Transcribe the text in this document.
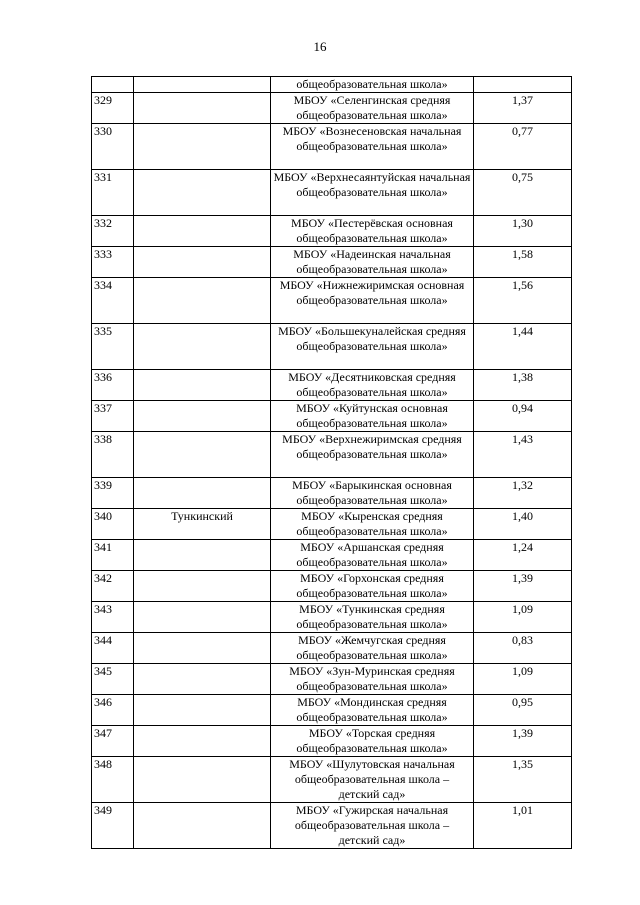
16
		общеобразовательная школа»	
329		МБОУ «Селенгинская средняя общеобразовательная школа»	1,37
330		МБОУ «Вознесеновская начальная общеобразовательная школа»	0,77
331		МБОУ «Верхнесаянтуйская начальная общеобразовательная школа»	0,75
332		МБОУ «Пестерёвская основная общеобразовательная школа»	1,30
333		МБОУ «Надеинская начальная общеобразовательная школа»	1,58
334		МБОУ «Нижнежиримская основная общеобразовательная школа»	1,56
335		МБОУ «Большекуналейская средняя общеобразовательная школа»	1,44
336		МБОУ «Десятниковская средняя общеобразовательная школа»	1,38
337		МБОУ «Куйтунская основная общеобразовательная школа»	0,94
338		МБОУ «Верхнежиримская средняя общеобразовательная школа»	1,43
339		МБОУ «Барыкинская основная общеобразовательная школа»	1,32
340	Тункинский	МБОУ «Кыренская средняя общеобразовательная школа»	1,40
341		МБОУ «Аршанская средняя общеобразовательная школа»	1,24
342		МБОУ «Горхонская средняя общеобразовательная школа»	1,39
343		МБОУ «Тункинская средняя общеобразовательная школа»	1,09
344		МБОУ «Жемчугская средняя общеобразовательная школа»	0,83
345		МБОУ «Зун-Муринская средняя общеобразовательная школа»	1,09
346		МБОУ «Мондинская средняя общеобразовательная школа»	0,95
347		МБОУ «Торская средняя общеобразовательная школа»	1,39
348		МБОУ «Шулутовская начальная общеобразовательная школа – детский сад»	1,35
349		МБОУ «Гужирская начальная общеобразовательная школа – детский сад»	1,01
